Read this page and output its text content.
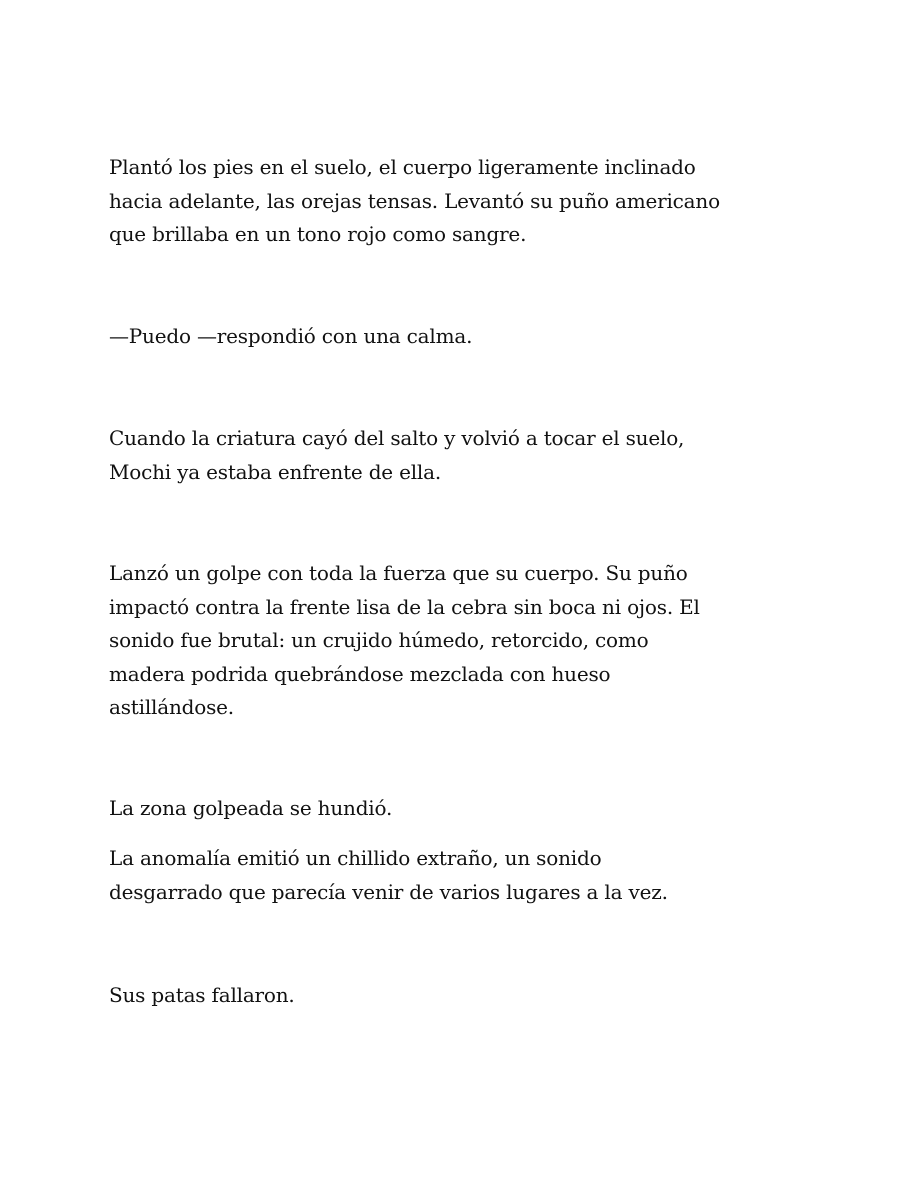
Plantó los pies en el suelo, el cuerpo ligeramente inclinado
hacia adelante, las orejas tensas. Levantó su puño americano
que brillaba en un tono rojo como sangre.

—Puedo —respondió con una calma.

Cuando la criatura cayó del salto y volvió a tocar el suelo,
Mochi ya estaba enfrente de ella.

Lanzó un golpe con toda la fuerza que su cuerpo. Su puño
impactó contra la frente lisa de la cebra sin boca ni ojos. El
sonido fue brutal: un crujido húmedo, retorcido, como
madera podrida quebrándose mezclada con hueso
astillándose.

La zona golpeada se hundió.

La anomalía emitió un chillido extraño, un sonido
desgarrado que parecía venir de varios lugares a la vez.

Sus patas fallaron.
